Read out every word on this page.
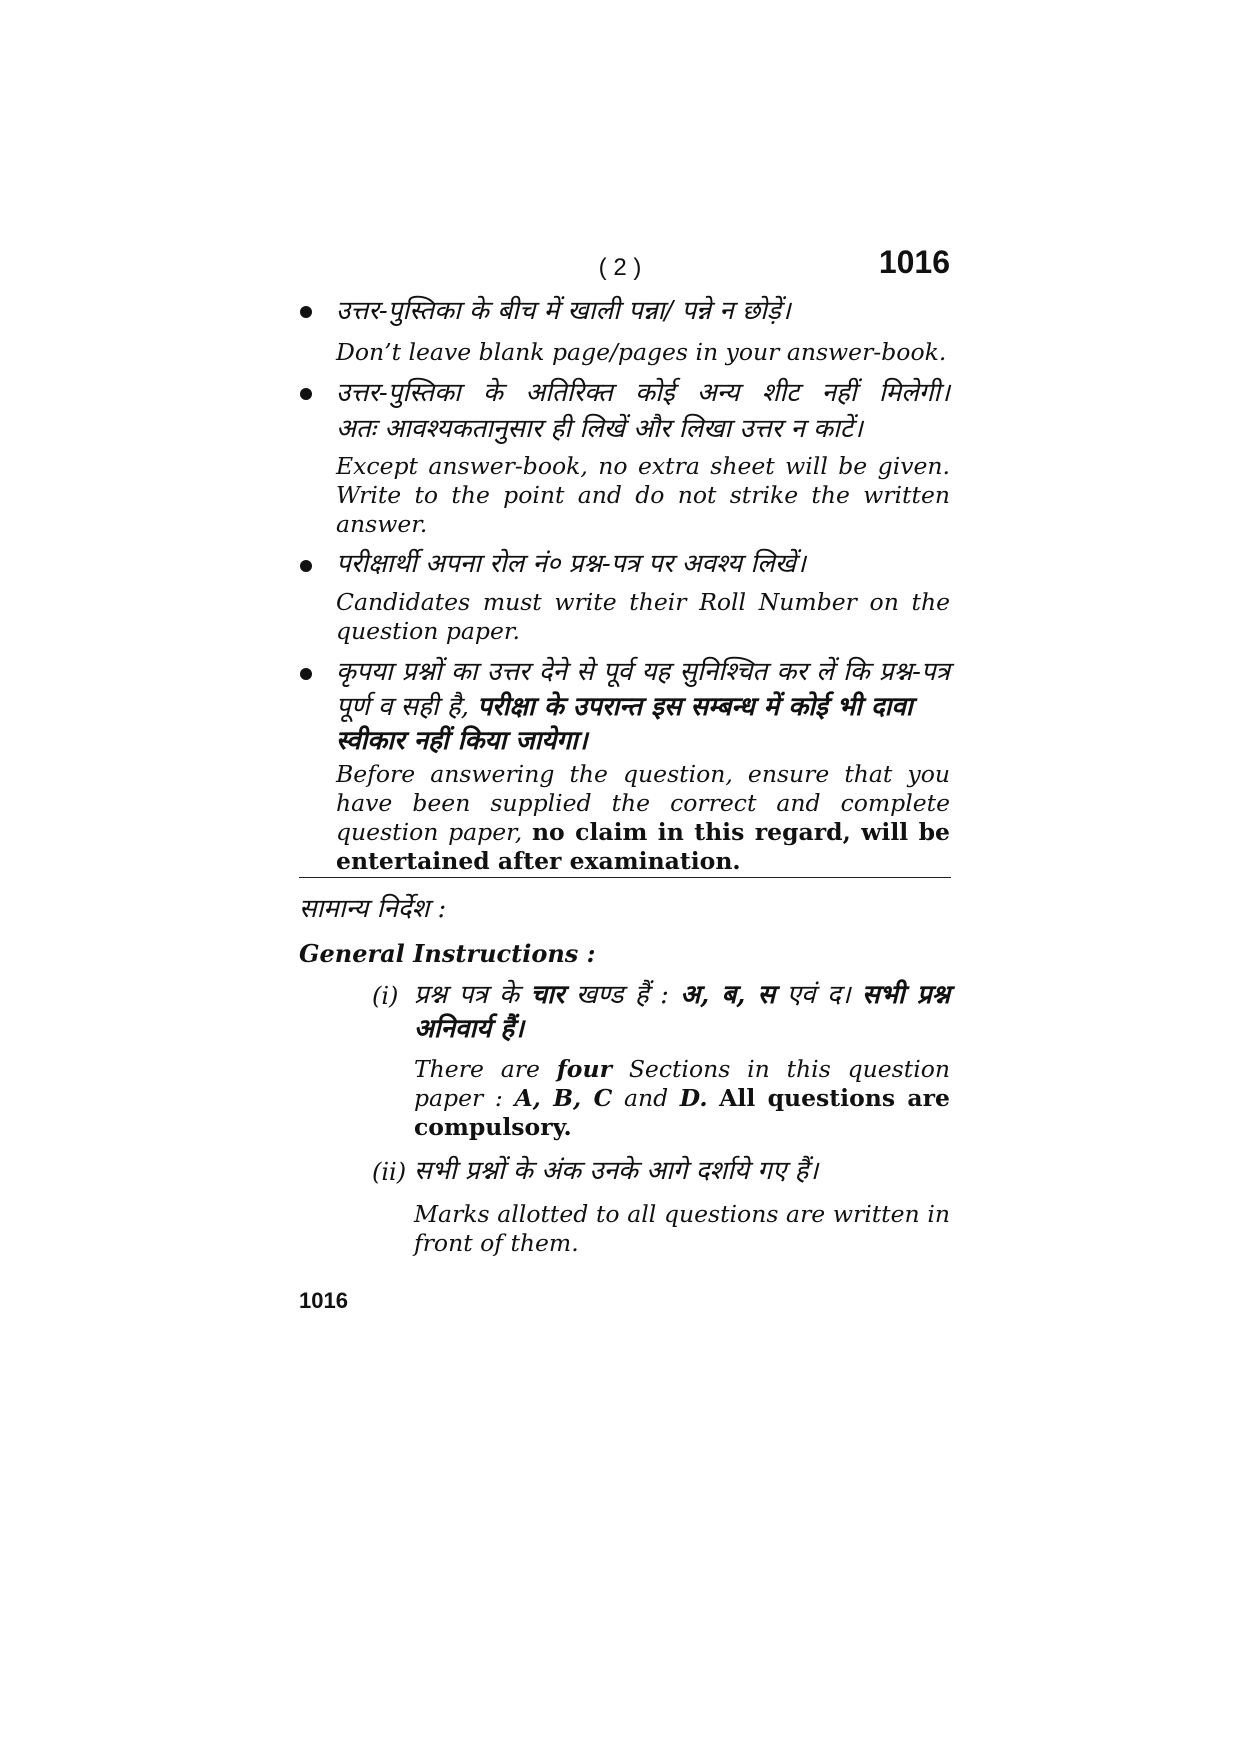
( 2 )	1016
उत्तर-पुस्तिका के बीच में खाली पन्ना/ पन्ने न छोड़ें।
Don’t leave blank page/pages in your answer-book.
उत्तर-पुस्तिका के अतिरिक्त कोई अन्य शीट नहीं मिलेगी।
अतः आवश्यकतानुसार ही लिखें और लिखा उत्तर न काटें।
Except answer-book, no extra sheet will be given. Write to the point and do not strike the written answer.
परीक्षार्थी अपना रोल नं० प्रश्न-पत्र पर अवश्य लिखें।
Candidates must write their Roll Number on the question paper.
कृपया प्रश्नों का उत्तर देने से पूर्व यह सुनिश्चित कर लें कि प्रश्न-पत्र
पूर्ण व सही है, परीक्षा के उपरान्त इस सम्बन्ध में कोई भी दावा स्वीकार नहीं किया जायेगा।
Before answering the question, ensure that you have been supplied the correct and complete question paper, no claim in this regard, will be entertained after examination.
सामान्य निर्देश :
General Instructions :
(i) प्रश्न पत्र के चार खण्ड हैं : अ, ब, स एवं द। सभी प्रश्न अनिवार्य हैं।
There are four Sections in this question paper : A, B, C and D. All questions are compulsory.
(ii) सभी प्रश्नों के अंक उनके आगे दर्शाये गए हैं।
Marks allotted to all questions are written in front of them.
1016
